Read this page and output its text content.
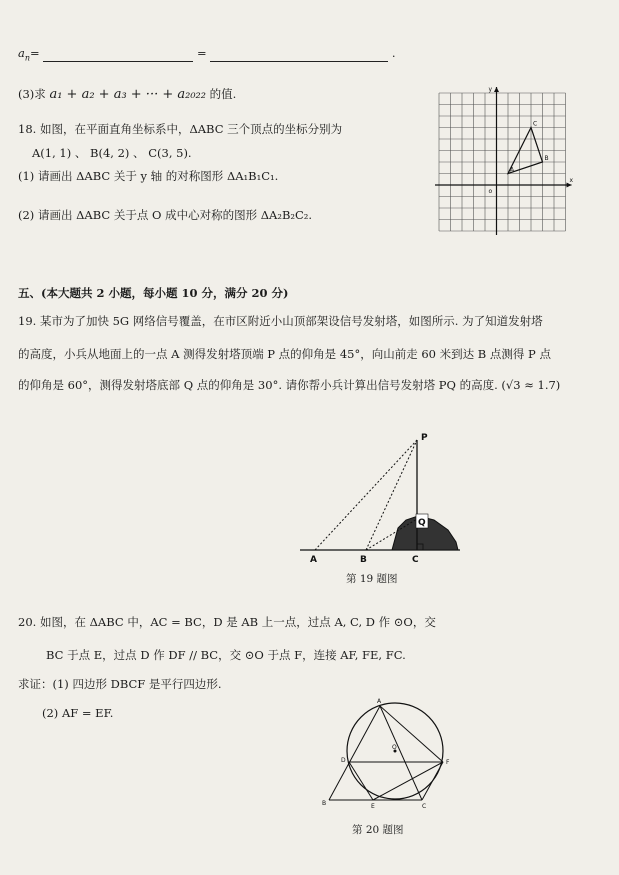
$a_n=$	=	.
(3)求 a₁ + a₂ + a₃ + ··· + a₂₀₂₂ 的值.
18. 如图，在平面直角坐标系中，ΔABC 三个顶点的坐标分别为
A(1, 1) 、 B(4, 2) 、 C(3, 5).
(1) 请画出 ΔABC 关于 y 轴 的对称图形 ΔA₁B₁C₁.
(2) 请画出 ΔABC 关于点 O 成中心对称的图形 ΔA₂B₂C₂.
x
y
o
A
B
C
五、(本大题共 2 小题，每小题 10 分，满分 20 分)
19. 某市为了加快 5G 网络信号覆盖，在市区附近小山顶部架设信号发射塔，如图所示. 为了知道发射塔
的高度，小兵从地面上的一点 A 测得发射塔顶端 P 点的仰角是 45°，向山前走 60 米到达 B 点测得 P 点
的仰角是 60°，测得发射塔底部 Q 点的仰角是 30°. 请你帮小兵计算出信号发射塔 PQ 的高度. (√3 ≈ 1.7)
P
Q
A	B	C
第 19 题图
20. 如图，在 ΔABC 中，AC = BC，D 是 AB 上一点，过点 A, C, D 作 ⊙O，交
BC 于点 E，过点 D 作 DF // BC，交 ⊙O 于点 F，连接 AF, FE, FC.
求证：(1) 四边形 DBCF 是平行四边形.
(2) AF = EF.
A
B	C
D
E
F
O
第 20 题图
